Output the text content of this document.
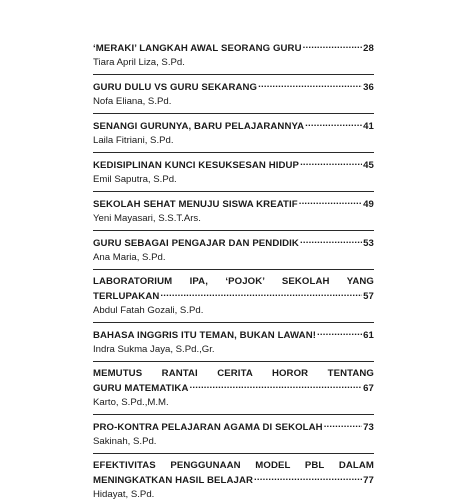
‘MERAKI’ LANGKAH AWAL SEORANG GURU .....	28
Tiara April Liza, S.Pd.
GURU DULU VS GURU SEKARANG .....	36
Nofa Eliana, S.Pd.
SENANGI GURUNYA, BARU PELAJARANNYA .....	41
Laila Fitriani, S.Pd.
KEDISIPLINAN KUNCI KESUKSESAN HIDUP .....	45
Emil Saputra, S.Pd.
SEKOLAH SEHAT MENUJU SISWA KREATIF .....	49
Yeni Mayasari, S.S.T.Ars.
GURU SEBAGAI PENGAJAR DAN PENDIDIK .....	53
Ana Maria, S.Pd.
LABORATORIUM IPA, ‘POJOK’ SEKOLAH YANG
TERLUPAKAN .....	57
Abdul Fatah Gozali, S.Pd.
BAHASA INGGRIS ITU TEMAN, BUKAN LAWAN! .....	61
Indra Sukma Jaya, S.Pd.,Gr.
MEMUTUS RANTAI CERITA HOROR TENTANG
GURU MATEMATIKA .....	67
Karto, S.Pd.,M.M.
PRO-KONTRA PELAJARAN AGAMA DI SEKOLAH .....	73
Sakinah, S.Pd.
EFEKTIVITAS PENGGUNAAN MODEL PBL DALAM
MENINGKATKAN HASIL BELAJAR .....	77
Hidayat, S.Pd.
